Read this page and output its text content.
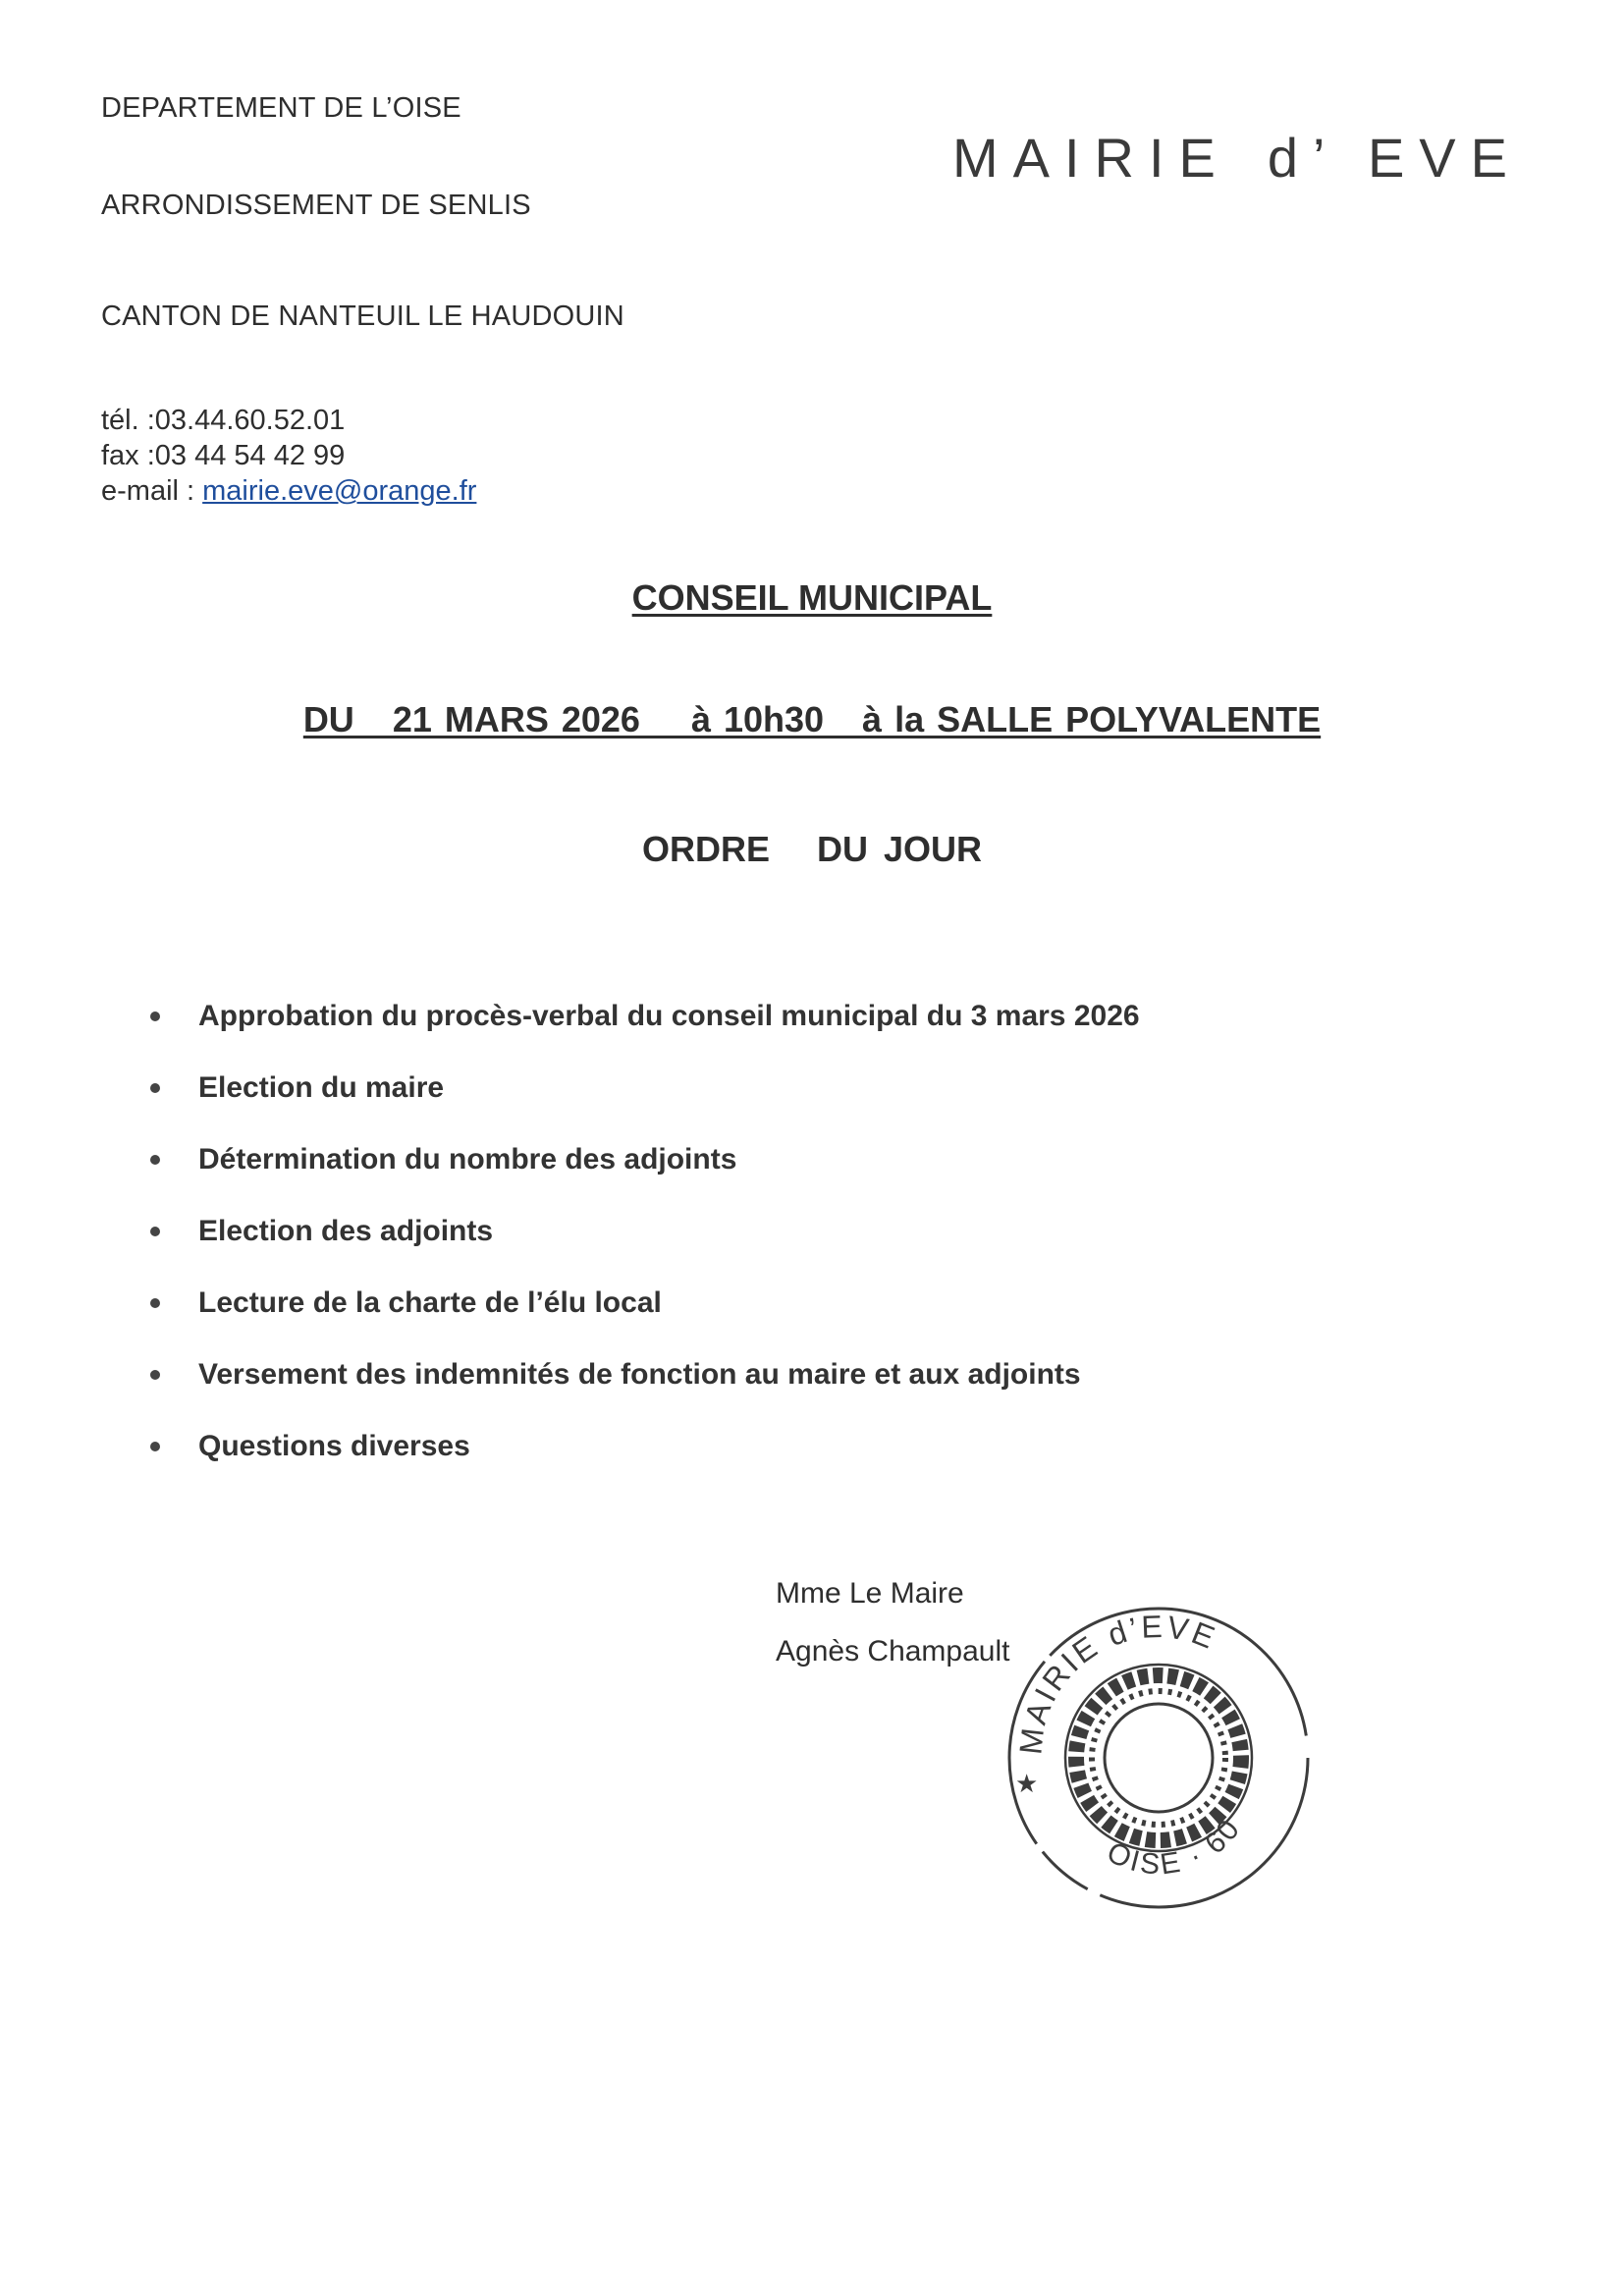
DEPARTEMENT DE L’OISE
ARRONDISSEMENT DE SENLIS
CANTON DE NANTEUIL LE HAUDOUIN
MAIRIE d’ EVE
tél. :03.44.60.52.01
fax :03 44 54 42 99
e-mail : mairie.eve@orange.fr
CONSEIL MUNICIPAL
DU   21 MARS 2026    à 10h30   à la SALLE POLYVALENTE
ORDRE   DU JOUR
Approbation du procès-verbal du conseil municipal du 3 mars 2026
Election du maire
Détermination du nombre des adjoints
Election des adjoints
Lecture de la charte de l’élu local
Versement des indemnités de fonction au maire et aux adjoints
Questions diverses
Mme Le Maire
Agnès Champault
MAIRIE d’EVE
OISE · 60
★
